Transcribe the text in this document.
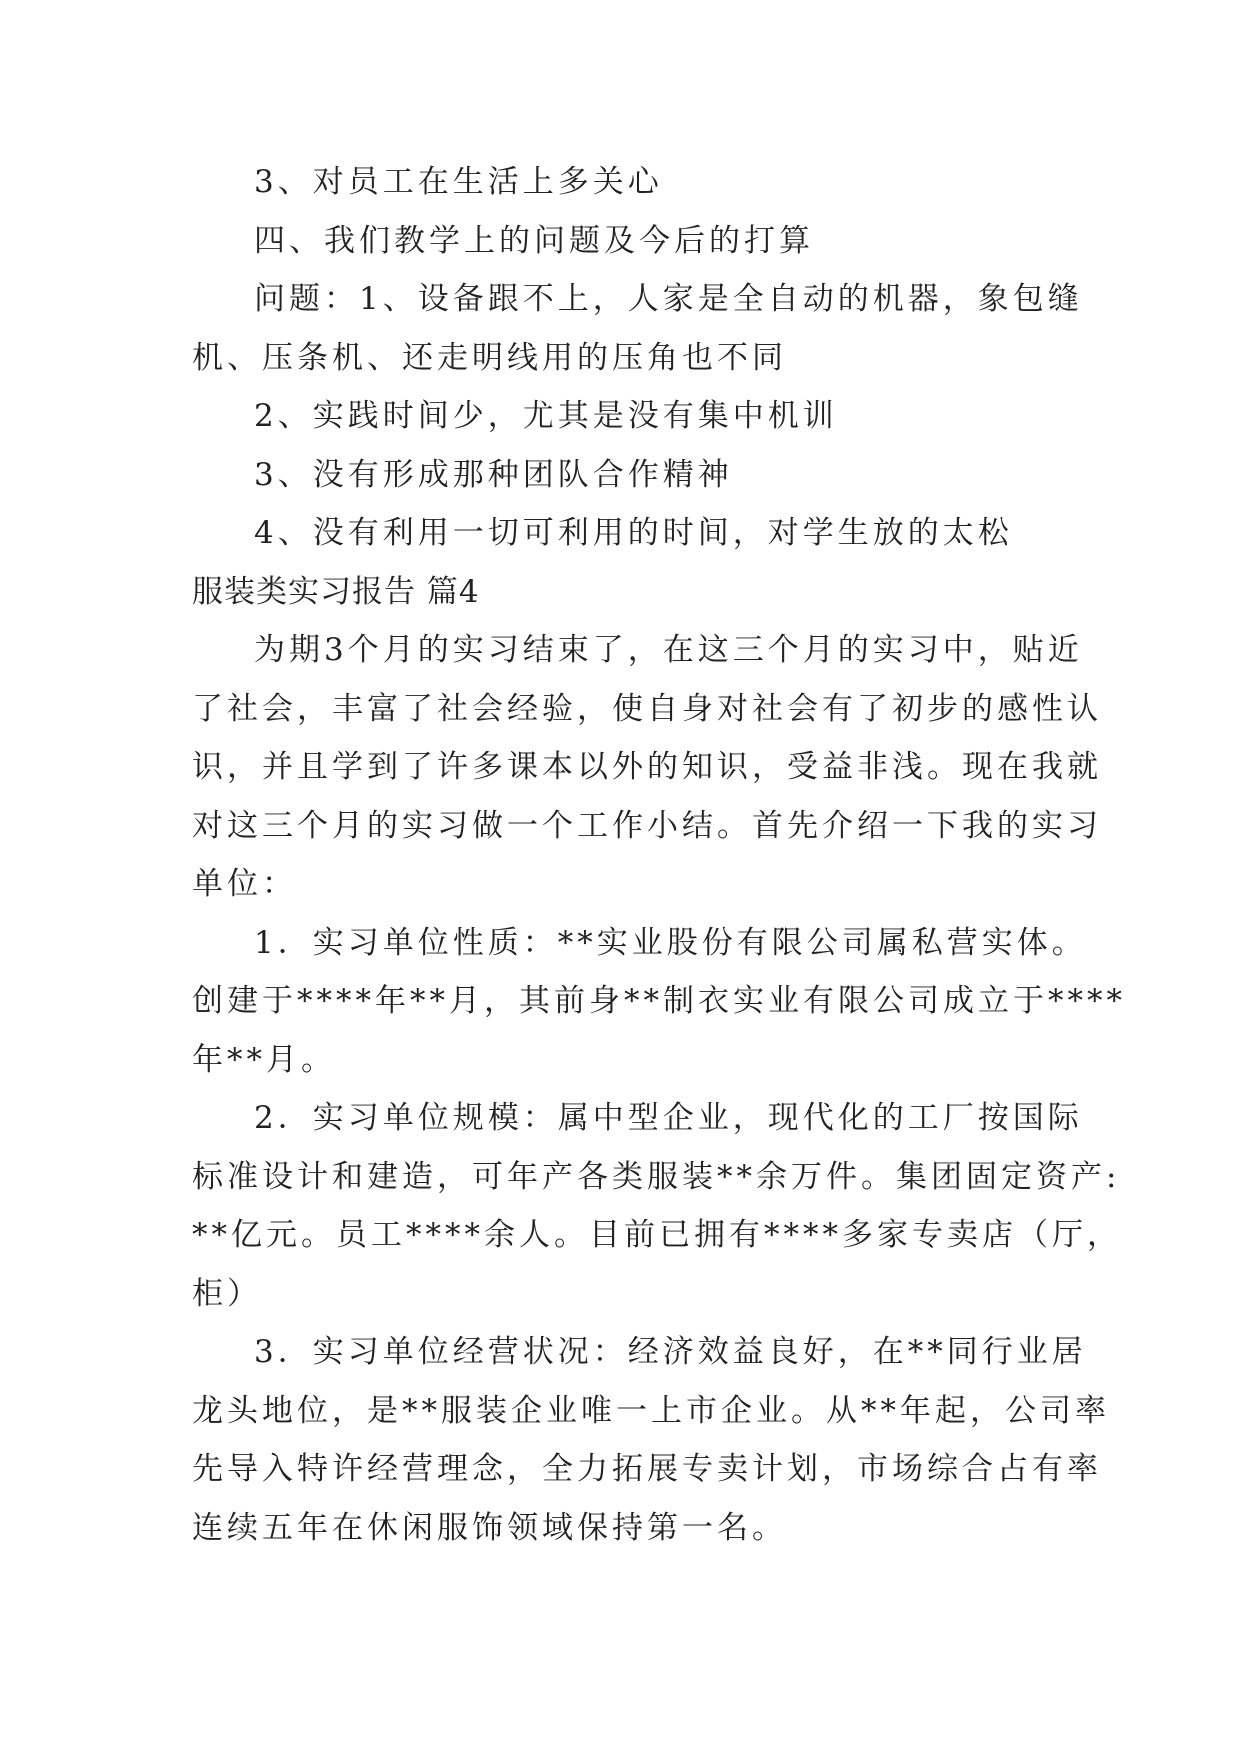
3、对员工在生活上多关心
四、我们教学上的问题及今后的打算
问题：1、设备跟不上，人家是全自动的机器，象包缝
机、压条机、还走明线用的压角也不同
2、实践时间少，尤其是没有集中机训
3、没有形成那种团队合作精神
4、没有利用一切可利用的时间，对学生放的太松
服装类实习报告 篇4
为期3个月的实习结束了，在这三个月的实习中，贴近
了社会，丰富了社会经验，使自身对社会有了初步的感性认
识，并且学到了许多课本以外的知识，受益非浅。现在我就
对这三个月的实习做一个工作小结。首先介绍一下我的实习
单位：
1．实习单位性质：**实业股份有限公司属私营实体。
创建于****年**月，其前身**制衣实业有限公司成立于****
年**月。
2．实习单位规模：属中型企业，现代化的工厂按国际
标准设计和建造，可年产各类服装**余万件。集团固定资产:
**亿元。员工****余人。目前已拥有****多家专卖店（厅，
柜）
3．实习单位经营状况：经济效益良好，在**同行业居
龙头地位，是**服装企业唯一上市企业。从**年起，公司率
先导入特许经营理念，全力拓展专卖计划，市场综合占有率
连续五年在休闲服饰领域保持第一名。
